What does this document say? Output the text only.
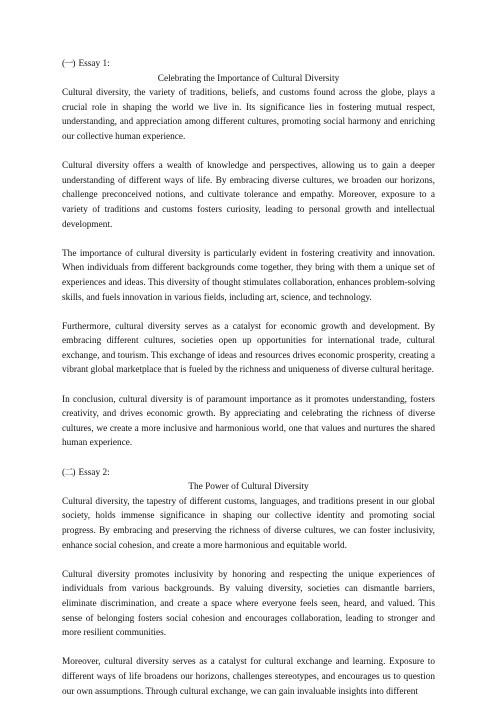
(一) Essay 1:

Celebrating the Importance of Cultural Diversity

Cultural diversity, the variety of traditions, beliefs, and customs found across the globe, plays a crucial role in shaping the world we live in. Its significance lies in fostering mutual respect, understanding, and appreciation among different cultures, promoting social harmony and enriching our collective human experience.

Cultural diversity offers a wealth of knowledge and perspectives, allowing us to gain a deeper understanding of different ways of life. By embracing diverse cultures, we broaden our horizons, challenge preconceived notions, and cultivate tolerance and empathy. Moreover, exposure to a variety of traditions and customs fosters curiosity, leading to personal growth and intellectual development.

The importance of cultural diversity is particularly evident in fostering creativity and innovation. When individuals from different backgrounds come together, they bring with them a unique set of experiences and ideas. This diversity of thought stimulates collaboration, enhances problem-solving skills, and fuels innovation in various fields, including art, science, and technology.

Furthermore, cultural diversity serves as a catalyst for economic growth and development. By embracing different cultures, societies open up opportunities for international trade, cultural exchange, and tourism. This exchange of ideas and resources drives economic prosperity, creating a vibrant global marketplace that is fueled by the richness and uniqueness of diverse cultural heritage.

In conclusion, cultural diversity is of paramount importance as it promotes understanding, fosters creativity, and drives economic growth. By appreciating and celebrating the richness of diverse cultures, we create a more inclusive and harmonious world, one that values and nurtures the shared human experience.

(二) Essay 2:

The Power of Cultural Diversity

Cultural diversity, the tapestry of different customs, languages, and traditions present in our global society, holds immense significance in shaping our collective identity and promoting social progress. By embracing and preserving the richness of diverse cultures, we can foster inclusivity, enhance social cohesion, and create a more harmonious and equitable world.

Cultural diversity promotes inclusivity by honoring and respecting the unique experiences of individuals from various backgrounds. By valuing diversity, societies can dismantle barriers, eliminate discrimination, and create a space where everyone feels seen, heard, and valued. This sense of belonging fosters social cohesion and encourages collaboration, leading to stronger and more resilient communities.

Moreover, cultural diversity serves as a catalyst for cultural exchange and learning. Exposure to different ways of life broadens our horizons, challenges stereotypes, and encourages us to question our own assumptions. Through cultural exchange, we can gain invaluable insights into different
